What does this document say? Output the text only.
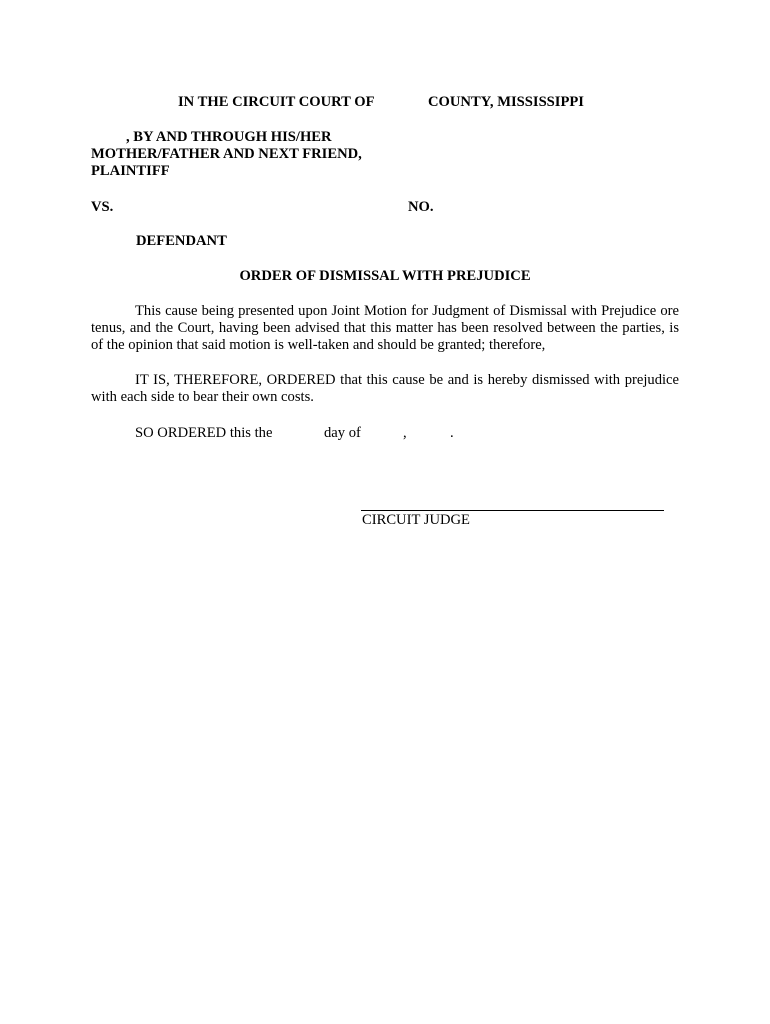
IN THE CIRCUIT COURT OF	COUNTY, MISSISSIPPI
, BY AND THROUGH HIS/HER
MOTHER/FATHER AND NEXT FRIEND,
PLAINTIFF
VS.	NO.
DEFENDANT
ORDER OF DISMISSAL WITH PREJUDICE
This cause being presented upon Joint Motion for Judgment of Dismissal with Prejudice ore tenus, and the Court, having been advised that this matter has been resolved between the parties, is of the opinion that said motion is well-taken and should be granted; therefore,
IT IS, THEREFORE, ORDERED that this cause be and is hereby dismissed with prejudice with each side to bear their own costs.
SO ORDERED this the	day of	,	.
CIRCUIT JUDGE
